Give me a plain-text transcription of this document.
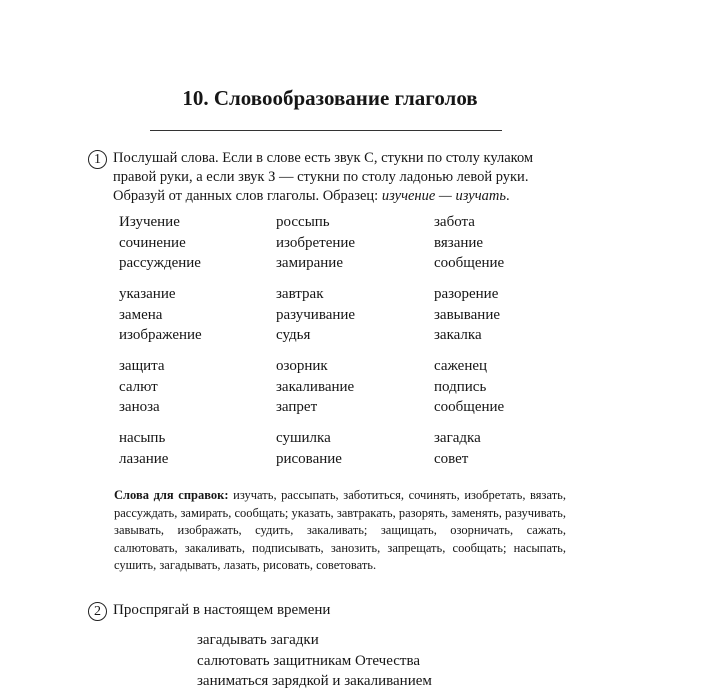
10. Словообразование глаголов
1 Послушай слова. Если в слове есть звук С, стукни по столу кулаком правой руки, а если звук З — стукни по столу ладонью левой руки. Образуй от данных слов глаголы. Образец: изучение — изучать.

Изучение	россыпь	забота
сочинение	изобретение	вязание
рассуждение	замирание	сообщение
указание	завтрак	разорение
замена	разучивание	завывание
изображение	судья	закалка
защита	озорник	саженец
салют	закаливание	подпись
заноза	запрет	сообщение
насыпь	сушилка	загадка
лазание	рисование	совет

Слова для справок: изучать, рассыпать, заботиться, сочинять, изобретать, вязать, рассуждать, замирать, сообщать; указать, завтракать, разорять, заменять, разучивать, завывать, изображать, судить, закаливать; защищать, озорничать, сажать, салютовать, закаливать, подписывать, занозить, запрещать, сообщать; насыпать, сушить, загадывать, лазать, рисовать, советовать.

2 Проспрягай в настоящем времени

загадывать загадки
салютовать защитникам Отечества
заниматься зарядкой и закаливанием
